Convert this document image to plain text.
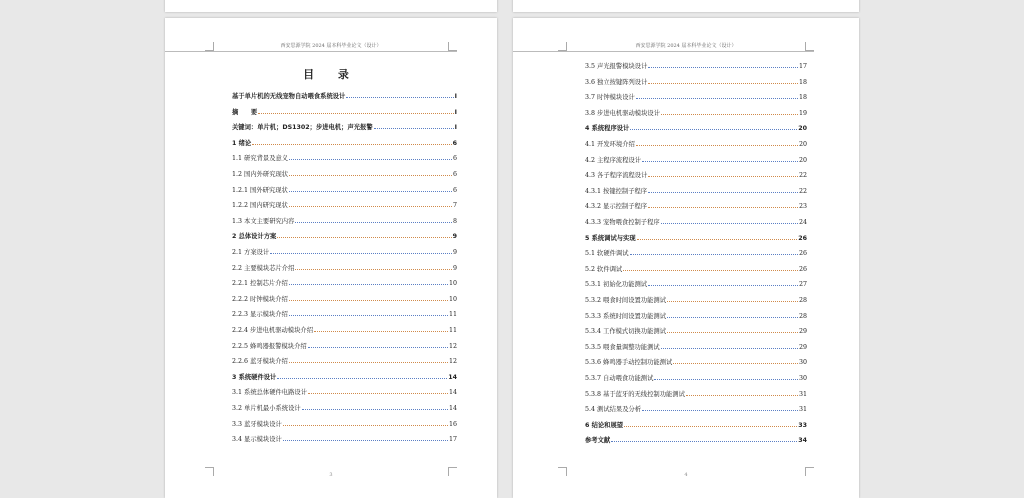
西安思源学院 2024 届本科毕业论文（设计）
目 录
基于单片机的无线宠物自动喂食系统设计	I
摘　　要	I
关键词：单片机；DS1302；步进电机；声光报警	I
1 绪论	6
1.1 研究背景及意义	6
1.2 国内外研究现状	6
1.2.1 国外研究现状	6
1.2.2 国内研究现状	7
1.3 本文主要研究内容	8
2 总体设计方案	9
2.1 方案设计	9
2.2 主要模块芯片介绍	9
2.2.1 控制芯片介绍	10
2.2.2 时钟模块介绍	10
2.2.3 显示模块介绍	11
2.2.4 步进电机驱动模块介绍	11
2.2.5 蜂鸣器报警模块介绍	12
2.2.6 蓝牙模块介绍	12
3 系统硬件设计	14
3.1 系统总体硬件电路设计	14
3.2 单片机最小系统设计	14
3.3 蓝牙模块设计	16
3.4 显示模块设计	17
3
西安思源学院 2024 届本科毕业论文（设计）
3.5 声光报警模块设计	17
3.6 独立按键阵列设计	18
3.7 时钟模块设计	18
3.8 步进电机驱动模块设计	19
4 系统程序设计	20
4.1 开发环境介绍	20
4.2 主程序流程设计	20
4.3 各子程序流程设计	22
4.3.1 按键控制子程序	22
4.3.2 显示控制子程序	23
4.3.3 宠物喂食控制子程序	24
5 系统调试与实现	26
5.1 软硬件调试	26
5.2 软件调试	26
5.3.1 初始化功能测试	27
5.3.2 喂食时间设置功能测试	28
5.3.3 系统时间设置功能测试	28
5.3.4 工作模式切换功能测试	29
5.3.5 喂食量调整功能测试	29
5.3.6 蜂鸣器手动控制功能测试	30
5.3.7 自动喂食功能测试	30
5.3.8 基于蓝牙的无线控制功能测试	31
5.4 测试结果及分析	31
6 结论和展望	33
参考文献	34
4
